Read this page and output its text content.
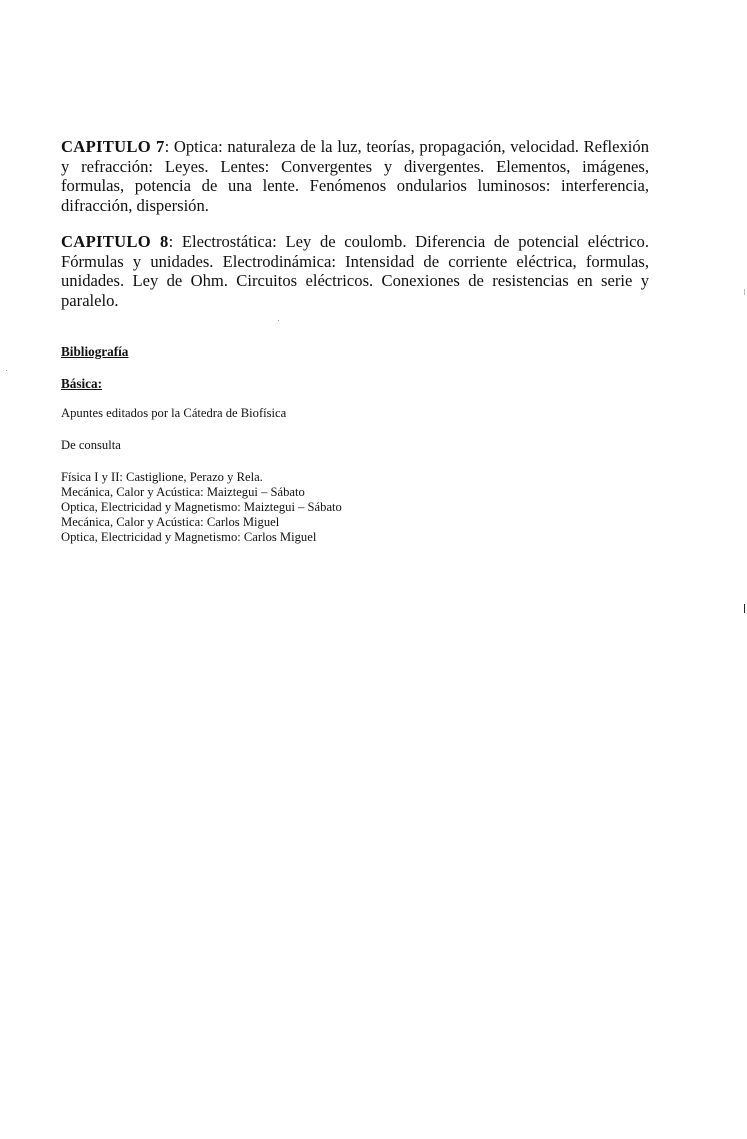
CAPITULO 7: Optica: naturaleza de la luz, teorías, propagación, velocidad. Reflexión y refracción: Leyes. Lentes: Convergentes y divergentes. Elementos, imágenes, formulas, potencia de una lente. Fenómenos ondularios luminosos: interferencia, difracción, dispersión.

CAPITULO 8: Electrostática: Ley de coulomb. Diferencia de potencial eléctrico. Fórmulas y unidades. Electrodinámica: Intensidad de corriente eléctrica, formulas, unidades. Ley de Ohm. Circuitos eléctricos. Conexiones de resistencias en serie y paralelo.

Bibliografía
Básica:
Apuntes editados por la Cátedra de Biofísica
De consulta
Física I y II: Castiglione, Perazo y Rela.
Mecánica, Calor y Acústica: Maiztegui – Sábato
Optica, Electricidad y Magnetismo: Maiztegui – Sábato
Mecánica, Calor y Acústica: Carlos Miguel
Optica, Electricidad y Magnetismo: Carlos Miguel
